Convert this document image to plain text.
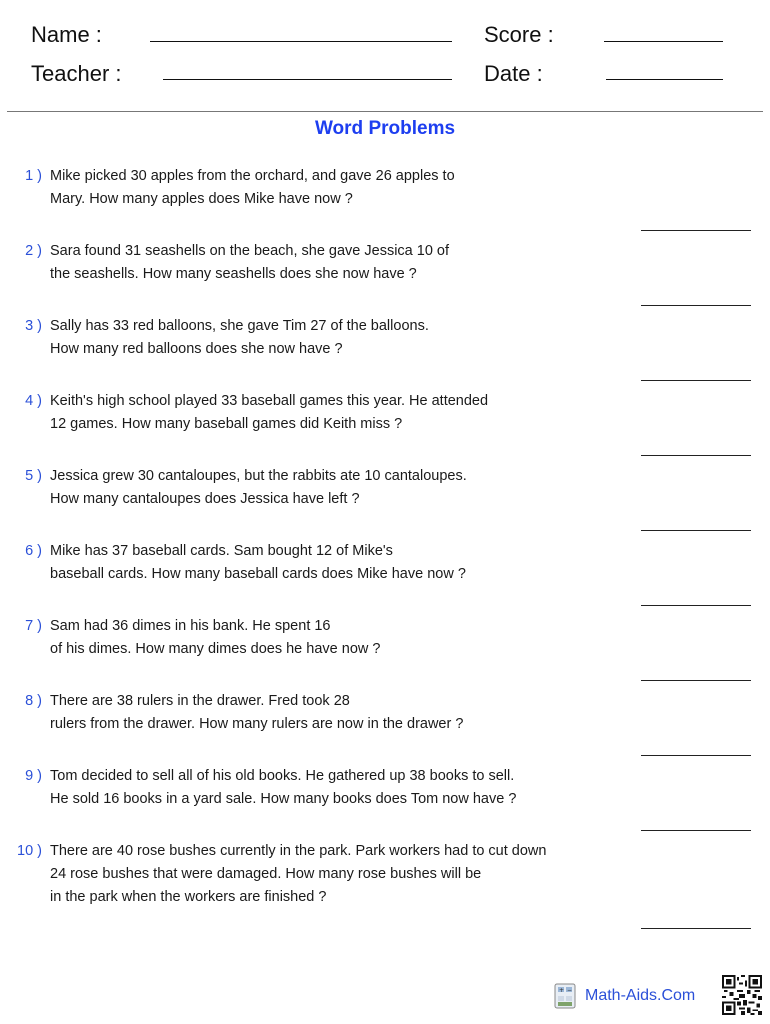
Name :
Teacher :
Score :
Date :
Word Problems
1 ) Mike picked 30 apples from the orchard, and gave 26 apples to
Mary. How many apples does Mike have now ?
2 ) Sara found 31 seashells on the beach, she gave Jessica 10 of
the seashells. How many seashells does she now have ?
3 ) Sally has 33 red balloons, she gave Tim 27 of the balloons.
How many red balloons does she now have ?
4 ) Keith's high school played 33 baseball games this year. He attended
12 games. How many baseball games did Keith miss ?
5 ) Jessica grew 30 cantaloupes, but the rabbits ate 10 cantaloupes.
How many cantaloupes does Jessica have left ?
6 ) Mike has 37 baseball cards. Sam bought 12 of Mike's
baseball cards. How many baseball cards does Mike have now ?
7 ) Sam had 36 dimes in his bank. He spent 16
of his dimes. How many dimes does he have now ?
8 ) There are 38 rulers in the drawer. Fred took 28
rulers from the drawer. How many rulers are now in the drawer ?
9 ) Tom decided to sell all of his old books. He gathered up 38 books to sell.
He sold 16 books in a yard sale. How many books does Tom now have ?
10 ) There are 40 rose bushes currently in the park. Park workers had to cut down
24 rose bushes that were damaged. How many rose bushes will be
in the park when the workers are finished ?
+ − Math-Aids.Com
